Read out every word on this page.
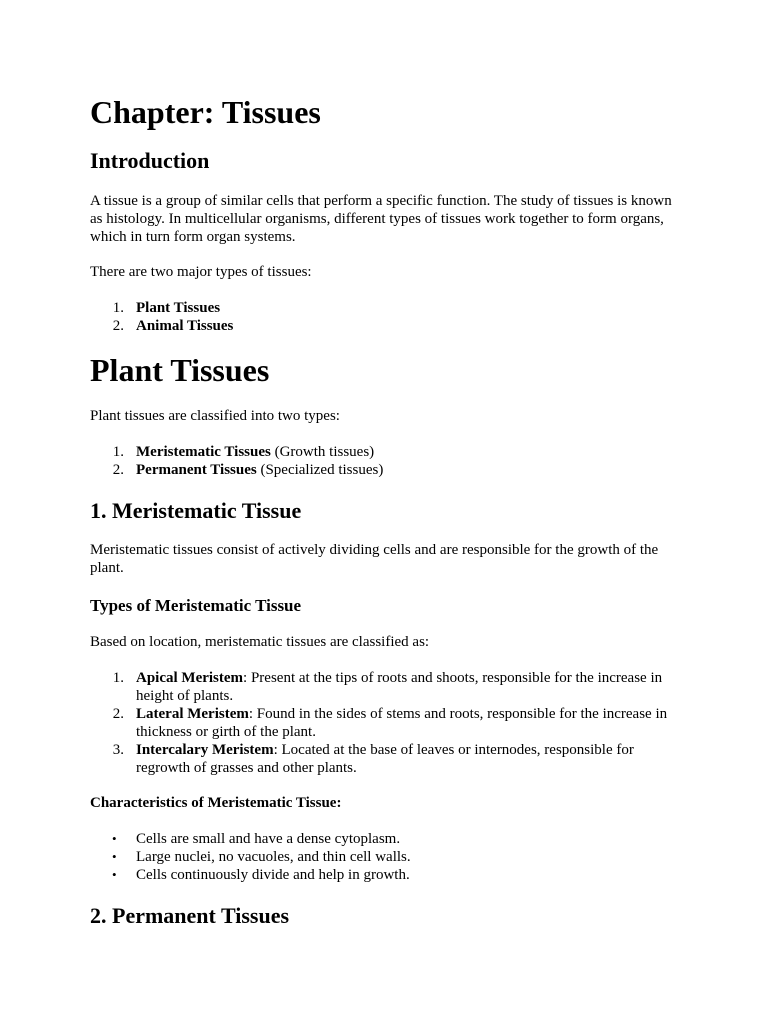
Chapter: Tissues
Introduction

A tissue is a group of similar cells that perform a specific function. The study of tissues is known as histology. In multicellular organisms, different types of tissues work together to form organs, which in turn form organ systems.

There are two major types of tissues:

1. Plant Tissues
2. Animal Tissues
Plant Tissues

Plant tissues are classified into two types:

1. Meristematic Tissues (Growth tissues)
2. Permanent Tissues (Specialized tissues)
1. Meristematic Tissue

Meristematic tissues consist of actively dividing cells and are responsible for the growth of the plant.

Types of Meristematic Tissue

Based on location, meristematic tissues are classified as:

1. Apical Meristem: Present at the tips of roots and shoots, responsible for the increase in height of plants.
2. Lateral Meristem: Found in the sides of stems and roots, responsible for the increase in thickness or girth of the plant.
3. Intercalary Meristem: Located at the base of leaves or internodes, responsible for regrowth of grasses and other plants.
Characteristics of Meristematic Tissue:
• Cells are small and have a dense cytoplasm.
• Large nuclei, no vacuoles, and thin cell walls.
• Cells continuously divide and help in growth.
2. Permanent Tissues
